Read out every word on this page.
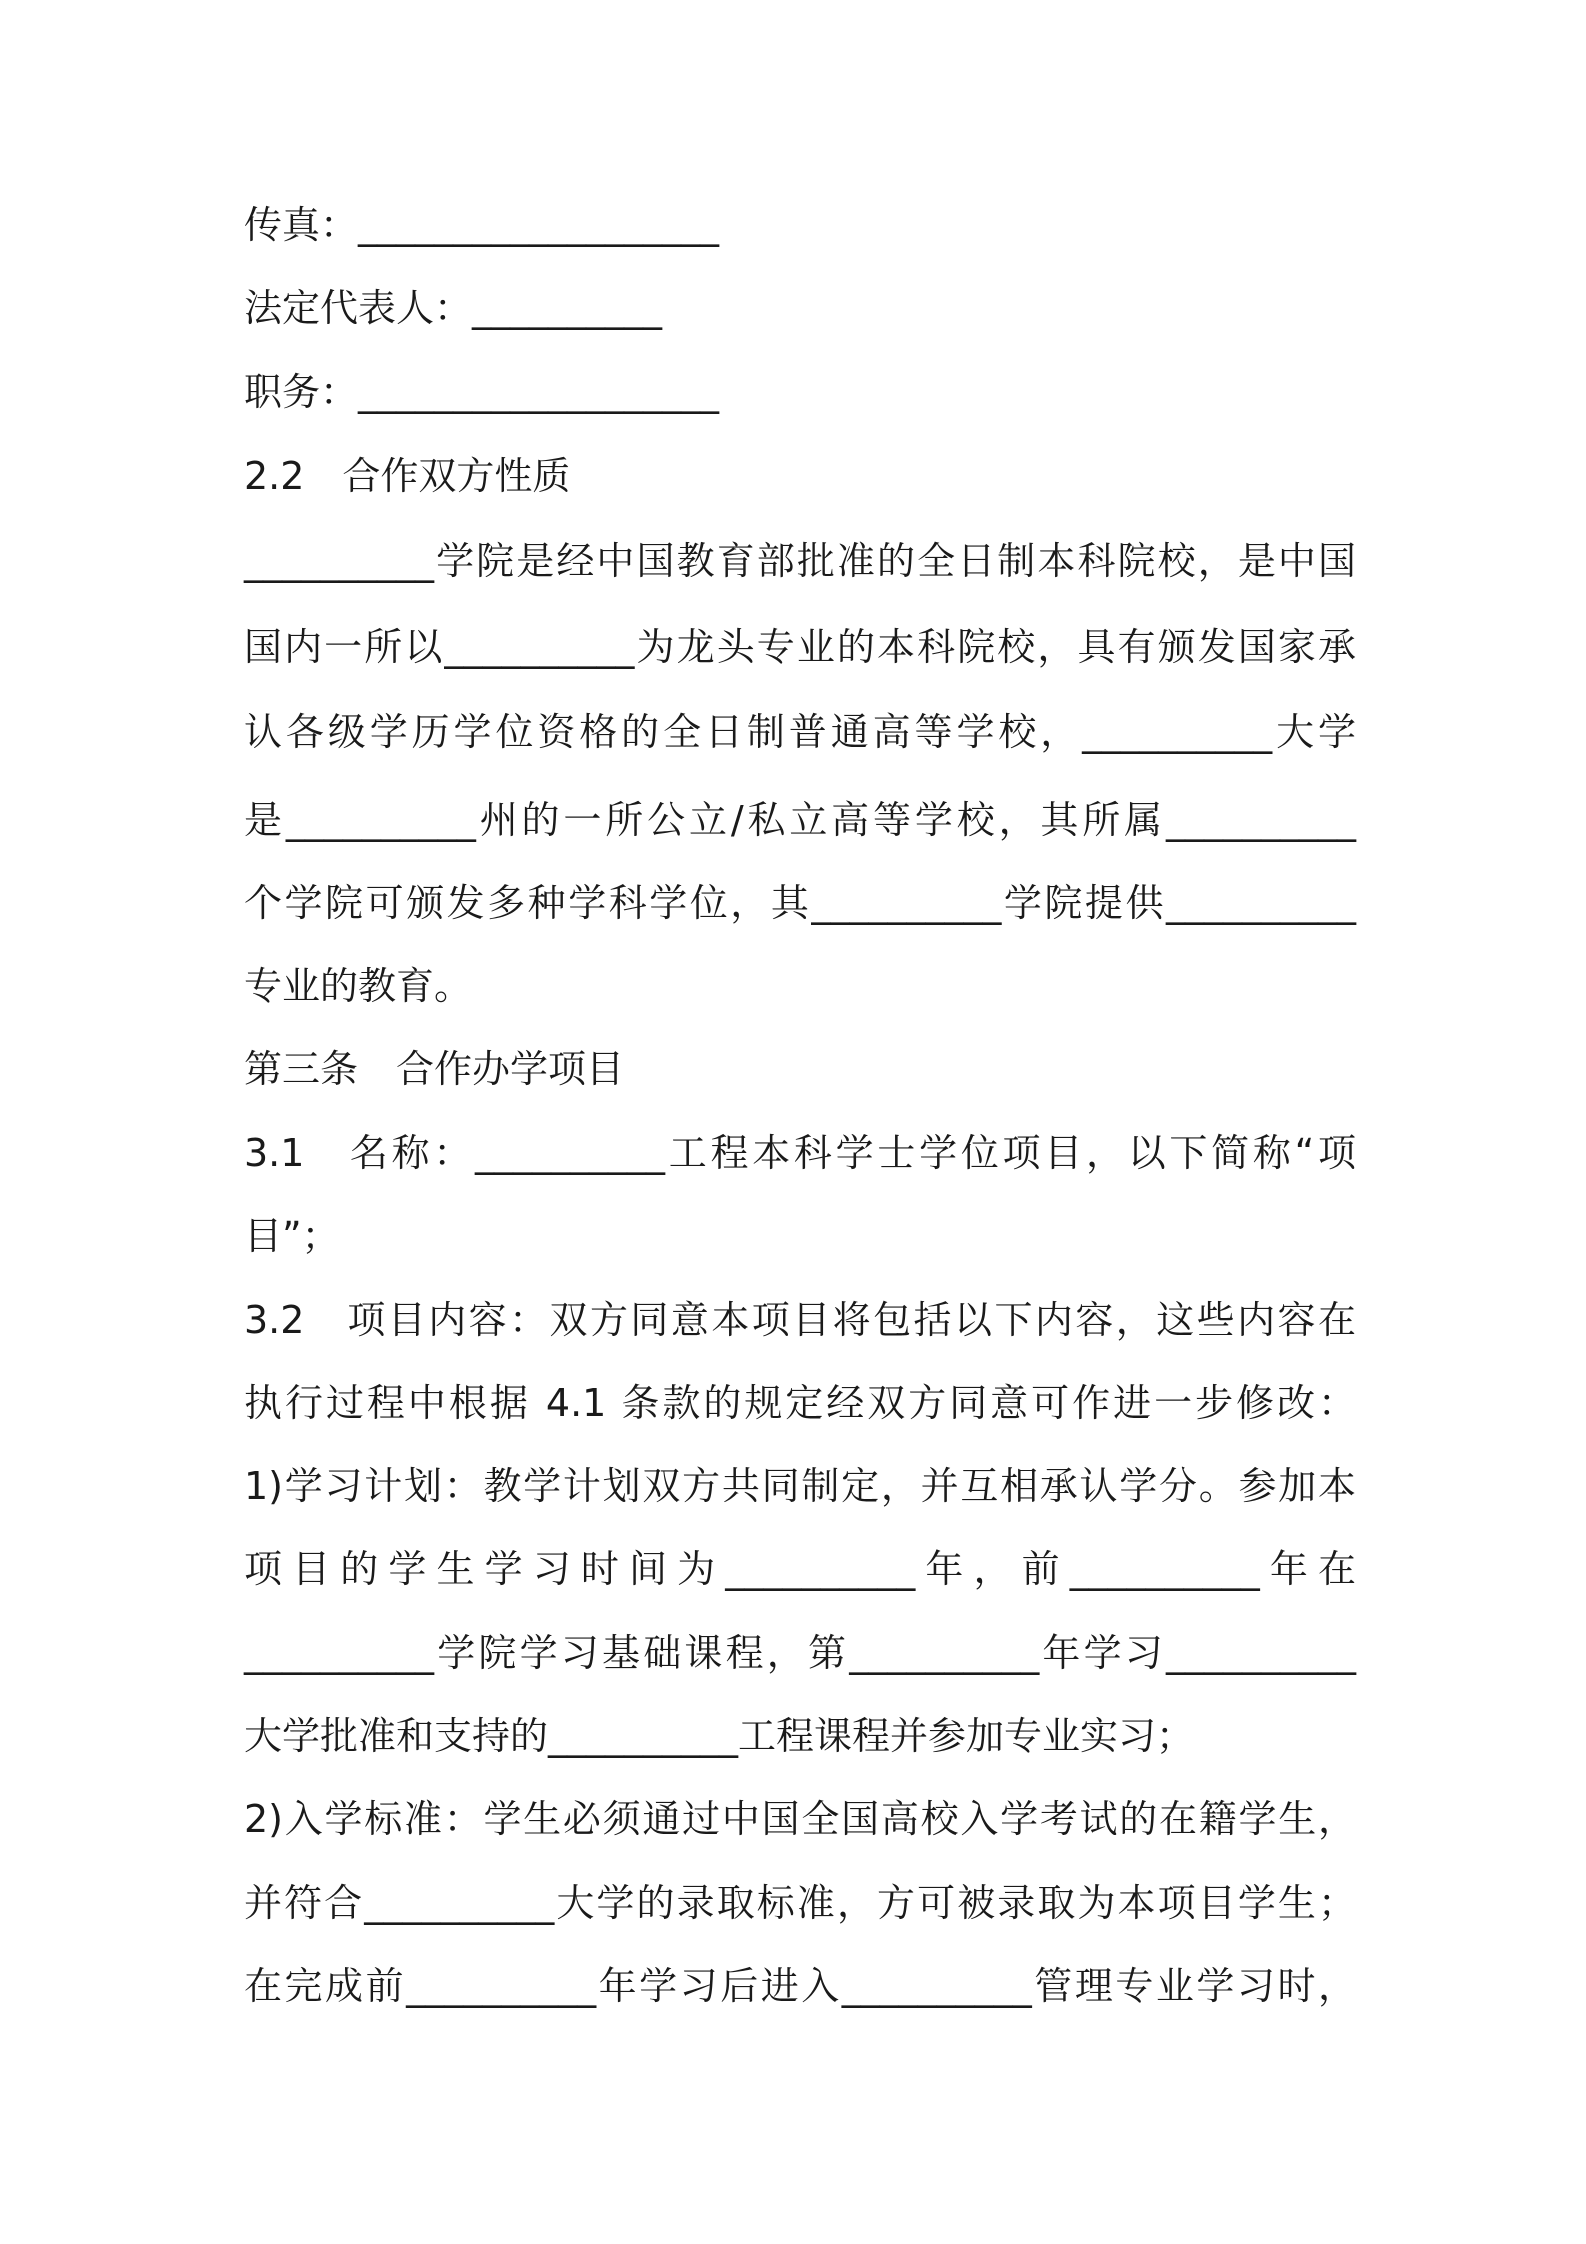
传真：___________________
法定代表人：__________
职务：___________________
2.2　合作双方性质
__________学院是经中国教育部批准的全日制本科院校，是中国
国内一所以__________为龙头专业的本科院校，具有颁发国家承
认各级学历学位资格的全日制普通高等学校，__________大学
是__________州的一所公立/私立高等学校，其所属__________
个学院可颁发多种学科学位，其__________学院提供__________
专业的教育。
第三条　合作办学项目
3.1　名称：__________工程本科学士学位项目，以下简称“项
目”；
3.2　项目内容：双方同意本项目将包括以下内容，这些内容在
执行过程中根据 4.1 条款的规定经双方同意可作进一步修改：
1)学习计划：教学计划双方共同制定，并互相承认学分。参加本
项目的学生学习时间为__________年，前__________年在
__________学院学习基础课程，第__________年学习__________
大学批准和支持的__________工程课程并参加专业实习；
2)入学标准：学生必须通过中国全国高校入学考试的在籍学生，
并符合__________大学的录取标准，方可被录取为本项目学生；
在完成前__________年学习后进入__________管理专业学习时，
